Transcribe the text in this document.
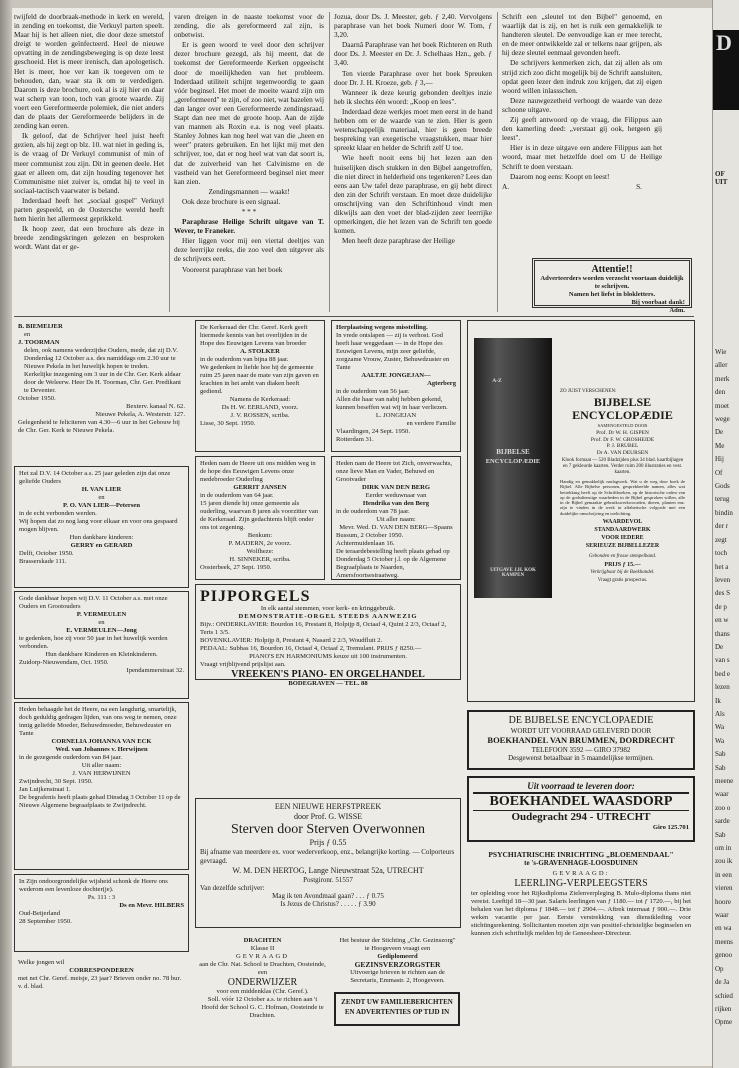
twijfeld de doorbraak-methode in kerk en wereld, in zending en toekomst, die Verkuyl parten speelt. Maar hij is het alleen niet, die door deze smetstof dreigt te worden geïnfecteerd. Heel de nieuwe opvatting in de zendingsbeweging is op deze leest geschoeid. Het is meer irenisch, dan apologetisch. Het is meer, hoe ver kan ik toegeven om te behouden, dan, waar sta ik om te verdedigen. Daarom is deze brochure, ook al is zij hier en daar wat scherp van toon, toch van groote waarde. Zij voert een Gereformeerde polemiek, die niet anders dan de plaats der Gereformeerde belijders in de zending kan eeren.

Ik geloof, dat de Schrijver heel juist heeft gezien, als hij zegt op blz. 10. wat niet in geding is, is de vraag of Dr Verkuyl communist of min of meer communist zou zijn. Dit in geenen deele. Het gaat er alleen om, dat zijn houding tegenover het Communisme niet zuiver is, omdat hij te veel in sociaal-tactisch vaarwater is beland.

Inderdaad heeft het „sociaal gospel" Verkuyl parten gespeeld, en de Oostersche wereld heeft hem hierin het allermeest geprikkeld.

Ik hoop zeer, dat een brochure als deze in breede zendingskringen gelezen en besproken wordt. Want dat er ge-

varen dreigen in de naaste toekomst voor de zending, die als gereformeerd zal zijn, is onbetwist.

Er is geen woord te veel door den schrijver dezer brochure gezegd, als hij meent, dat de toekomst der Gereformeerde Kerken opgeeischt door de moeilijkheden van het probleem. Inderdaad utiliteit schijnt tegenwoordig te gaan vóór beginsel. Het moet de moeite waard zijn om „gereformeerd" te zijn, of zoo niet, wat bazelen wij dan langer over een Gereformeerde zendingsraad. Stapt dan nee met de groote hoop. Aan de zijde van mannen als Roxin e.a. is nog veel plaats. Stanley Johnes kan nog heel wat van die „heen en weer" praters gebruiken. En het lijkt mij met den schrijver, toe, dat er nog heel wat van dat soort is, dat de zuiverheid van het Calvinisme en de vastheid van het Gereformeerd beginsel niet meer kan zien.

Zendingsmannen — waakt!

Ook deze brochure is een signaal.

* * *

Paraphrase Heilige Schrift uitgave van T. Wever, te Franeker.

Hier liggen voor mij een viertal deeltjes van deze leerrijke reeks, die zoo veel den uitgever als de schrijvers eert.

Vooreerst paraphrase van het boek

Jozua, door Ds. J. Meester, geb. ƒ 2,40. Vervolgens paraphrase van het boek Numeri door W. Tom, ƒ 3,20.

Daarnâ Paraphrase van het boek Richteren en Ruth door Ds. J. Meester en Dr. J. Schelhaas Hzn., geb. ƒ 3,40.

Ten vierde Paraphrase over het boek Spreuken door Dr. J. H. Kroeze, geb. ƒ 3,—

Wanneer ik deze keurig gebonden deeltjes inzie heb ik slechts één woord: „Koop en lees".

Inderdaad deze werkjes moet men eerst in de hand hebben om er de waarde van te zien. Hier is geen wetenschappelijk materiaal, hier is geen breede bespreking van exegetische vraagstukken, maar hier spreekt klaar en helder de Schrift zelf U toe.

Wie heeft nooit eens bij het lezen aan den huiselijken disch stukken in den Bijbel aangetroffen, die niet direct in helderheid ons tegenkeren? Lees dan eens aan Uw tafel deze paraphrase, en gij hebt direct den zin der Schrift verstaan. En moet deze duidelijke omschrijving van den Schriftinhoud vindt men dikwijls aan den voet der blad-zijden zeer leerrijke opmerkingen, die het lezen van de Schrift ten goede komen.

Men heeft deze paraphrase der Heilige

Schrift een „sleutel tot den Bijbel" genoemd, en waarlijk dat is zij, en het is ruik een gemakkelijk te handteren sleutel. De eenvoudige kan er mee terecht, en de meer ontwikkelde zal er telkens naar grijpen, als hij deze sleutel eenmaal gevonden heeft.

De schrijvers kenmerken zich, dat zij allen als om strijd zich zoo dicht mogelijk bij de Schrift aansluiten, opdat geen lezer den indruk zou krijgen, dat zij eigen woord willen inlassschen.

Deze nauwgezetheid verhoogt de waarde van deze schoone uitgave.

Zij geeft antwoord op de vraag, die Filippus aan den kamerling deed: „verstaat gij ook, hetgeen gij leest".

Hier is in deze uitgave een andere Filippus aan het woord, maar met hetzelfde doel om U de Heilige Schrift te doen verstaan.

Daarom nog eens: Koopt en leest!

A.	S.
Attentie!!
Adverteerders worden verzocht voortaan duidelijk te schrijven.
Namen het liefst in blokletters.
Bij voorbaat dank!
Adm.

B. BIEMEIJER

en

J. TOORMAN

delen, ook namens wederzijdse Ouders, mede, dat zij D.V. Donderdag 12 October a.s. des namiddags om 2.30 uur te Nieuwe Pekela in het huwelijk hopen te treden.

Kerkelijke inzegening om 3 uur in de Chr. Ger. Kerk aldaar door de Weleerw. Heer Ds H. Toorman, Chr. Ger. Predikant te Deventer.

October 1950.

Bexterv. kanaal N. 62.

Nieuwe Pekela, A. Westerstr. 127.

Gelegenheid te feliciteren van 4.30—6 uur in het Gebouw bij de Chr. Ger. Kerk te Nieuwe Pekela.

Het zal D.V. 14 October a.s. 25 jaar geleden zijn dat onze geliefde Ouders

H. VAN LIER

en

P. O. VAN LIER—Petersen

in de echt verbonden werden.

Wij hopen dat zo nog lang voor elkaar en voor ons gespaard mogen blijven.

Hun dankbare kinderen:

GERRY en GERARD

Delft, October 1950.

Brasserskade 111.

Gode dankbaar hopen wij D.V. 11 October a.s. met onze Ouders en Grootouders

P. VERMEULEN

en

E. VERMEULEN—Jong

te gedenken, hoe zij voor 50 jaar in het huwelijk werden verbonden.

Hun dankbare Kinderen en Kleinkinderen.

Zuidorp-Nieuwendam, Oct. 1950.

Ipendammerstraat 32.

Heden behaagde het de Heere, na een langdurig, smartelijk, doch geduldig gedragen lijden, van ons weg te nemen, onze innig geliefde Moeder, Behuwdmoeder, Behuwdzuster en Tante

CORNELIA JOHANNA VAN ECK

Wed. van Johannes v. Herwijnen

in de gezegende ouderdom van 84 jaar.

Uit aller naam:

J. VAN HERWIJNEN

Zwijndrecht, 30 Sept. 1950.

Jan Luijkenstraat 1.

De begrafenis heeft plaats gehad Dinsdag 3 October 11 op de Nieuwe Algemene begraafplaats te Zwijndrecht.

In Zijn ondoorgrondelijke wijsheid schonk de Heere ons wederom een levenloze dochter(je).

Ps. 111 : 3

Ds en Mevr. HILBERS

Oud-Beijerland

28 September 1950.

Welke jongen wil

CORRESPONDEREN

met net Chr. Geref. meisje, 23 jaar? Brieven onder no. 78 bur. v. d. blad.

De Kerkeraad der Chr. Geref. Kerk geeft hiermede kennis van het overlijden in de Hope des Eeuwigen Levens van broeder

A. STOLKER

in de ouderdom van bijna 88 jaar.

We gedenken in liefde hoe hij de gemeente ruim 25 jaren naar de mate van zijn gaven en krachten in het ambt van diaken heeft gediend.

Namens de Kerkeraad:

Ds H. W. EERLAND, voorz.

J. V. ROSSEN, scriba.

Lisse, 30 Sept. 1950.

Heden nam de Heere uit ons midden weg in de hope des Eeuwigen Levens onze medebroeder Ouderling

GERRIT JANSEN

in de ouderdom van 64 jaar.

15 jaren diende hij onze gemeente als ouderling, waarvan 8 jaren als voorzitter van de Kerkeraad. Zijn gedachtenis blijft onder ons tot zegening.

Benkum:

P. MADERN, 2e voorz.

Wolfheze:

H. SINNEKER, scriba.

Oosterbeek, 27 Sept. 1950.

Herplaatsing wegens misstelling.

In vrede ontslapen — zij is verhost. God heeft haar weggedaan — in de Hope des Eeuwigen Levens, mijn zeer geliefde, zorgzame Vrouw, Zuster, Behuwdzuster en Tante

AALTJE JONGEJAN—

Agterberg

in de ouderdom van 56 jaar.

Allen die haar van nabij hebben gekend, kunnen beseffen wat wij in haar verliezen.

L. JONGEJAN

en verdere Familie

Vlaardingen, 24 Sept. 1950.

Rotterdam 31.

Heden nam de Heere tot Zich, onverwachts, onze lieve Man en Vader, Behuwd en Grootvader

DIRK VAN DEN BERG

Eerder weduwnaar van

Hendrika van den Berg

in de ouderdom van 78 jaar.

Uit aller naam:

Mevr. Wed. D. VAN DEN BERG—Spaans

Bussum, 2 October 1950.

Achtermuidenlaan 16.

De teraardebestelling heeft plaats gehad op Donderdag 5 October j.l. op de Algemene Begraafplaats te Naarden, Amersfoortsestraatweg.

A-Z
BIJBELSE
ENCYCLOPÆDIE
UITGAVE J.H. KOK KAMPEN

ZO JUIST VERSCHENEN:

BIJBELSE

ENCYCLOPÆDIE

SAMENGESTELD DOOR

Prof. Dr W. H. GISPEN

Prof. Dr F. W. GROSHEIDE

P. J. BRUBEL

Dr A. VAN DEURSEN

Klook formaat — 520 Bladzijden plus 34 blad. kaartbijlagen en 7 gekleurde kaarten. Verder ruim 200 illustraties en vest. kaarten.

Handig en gemakkelijk naslagwerk. Wat u de weg door boek de Bijbel. Alle Bijbelse personen, gesprekbeelde namen, alles wat betrekking heeft op de Schriftboeken, op de historische orden van op de godsdienstige waarheden in de Bijbel gesproken willen, alle in de Bijbel gemaakte gebruikswerkwoorden, dieren, planten enz. zijn te vinden in de werk in alfabetische volgorde met een duidelijke omschrijving en toelichting.

WAARDEVOL

STANDAARDWERK

VOOR IEDERE

SERIEUZE BIJBELLEZER

Gebonden en frosse stempelband.

PRIJS ƒ 15.—

Verkrijgbaar bij de Boekhandel.

Vraagt gratis prospectus.

PIJPORGELS

In elk aantal stemmen, voor kerk- en kringgebruik.

DEMONSTRATIE-ORGEL STEEDS AANWEZIG

Bijv.: ONDERKLAVIER: Bourdon 16, Prestant 8, Holpijp 8, Octaaf 4, Quint 2 2/3, Octaaf 2, Terts 1 3/5.

BOVENKLAVIER: Holpijp 8, Prestant 4, Nasard 2 2/3, Woudfluit 2.

PEDAAL: Subbas 16, Bourdon 16, Octaaf 4, Octaaf 2, Tremulant. PRIJS ƒ 8250.—

PIANO'S EN HARMONIUMS keuze uit 100 instrumenten.

Vraagt vrijblijvend prijslijst aan.

VREEKEN'S PIANO- EN ORGELHANDEL

BODEGRAVEN — TEL. 88

EEN NIEUWE HERFSTPREEK

door Prof. G. WISSE

Sterven door Sterven Overwonnen

Prijs ƒ 0.55

Bij afname van meerdere ex. voor wederverkoop, enz., belangrijke korting. — Colporteurs gevraagd.

W. M. DEN HERTOG, Lange Nieuwstraat 52a, UTRECHT

Postgironr. 51557

Van dezelfde schrijver:

Mag ik ten Avondmaal gaan? . . . ƒ 0.75

Is Jezus de Christus? . . . . . ƒ 3.90

DRACHTEN

Klasse II

GEVRAAGD

aan de Chr. Nat. School te Drachten, Oosteinde, een

ONDERWIJZER

voor een middenklas (Chr. Geref.).

Soll. vóór 12 October a.s. te richten aan 't Hoofd der School G. C. Hofman, Oosteinde te Drachten.

Het bestuur der Stichting „Chr. Gezinszorg" te Hoogeveen vraagt een

Gediplomeerd

GEZINSVERZORGSTER

Uitvoerige brieven te richten aan de Secretaris, Emmastr. 2, Hoogeveen.

ZENDT UW FAMILIEBERICHTEN

EN ADVERTENTIES OP TIJD IN

DE BIJBELSE ENCYCLOPAEDIE

WORDT UIT VOORRAAD GELEVERD DOOR

BOEKHANDEL VAN BRUMMEN, DORDRECHT

TELEFOON 3592 — GIRO 37982

Desgewenst betaalbaar in 5 maandelijkse termijnen.

Uit voorraad te leveren door:

BOEKHANDEL WAASDORP

Oudegracht 294 - UTRECHT

Giro 125.701

PSYCHIATRISCHE INRICHTING „BLOEMENDAAL"

te 's-GRAVENHAGE-LOOSDUINEN

GEVRAAGD:

LEERLING-VERPLEEGSTERS

ter opleiding voor het Rijksdiploma Zielenverpleging B. Mulo-diploma thans niet vereist. Leeftijd 18—30 jaar. Salaris leerlingen van ƒ 1180.— tot ƒ 1720.—, bij het behalen van het diploma ƒ 1848.— tot ƒ 2904.—. Aftrek internaat ƒ 900.—. Drie weken vacantie per jaar. Eerste verstrekking van dienstkleding voor stichtingsrekening. Sollicitanten moeten zijn van positief-christelijke beginselen en kunnen zich schriftelijk melden bij de Geneesheer-Directeur.

D
OF
UIT
Wie
aller
merk
den
moet
wege
De
Me
Hij
Of
Gods
terug
bindin
der r
zegt
toch
het a
leven
des S
de p
en w
thans
De
van s
bed e
lezen
Ik
Als
Wa
Wa
Sab
Sab
meene
waar
zoo o
sarde
Sab
om in
zou ik
in een
vieren
hoore
waar
en wa
meens
genoo
Op
de Ja
schied
rijken
Opme
